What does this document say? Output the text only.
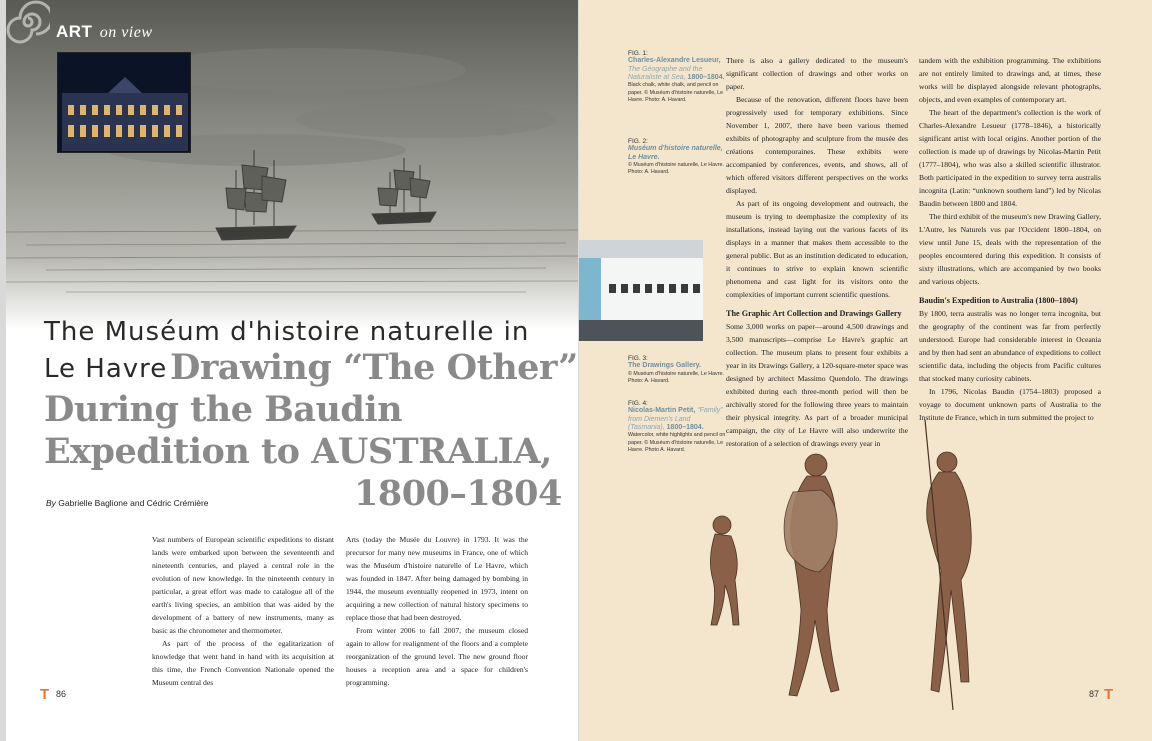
ART on view
The Muséum d'histoire naturelle in
Le Havre Drawing “The Other”
During the Baudin
Expedition to AUSTRALIA,
1800–1804
By Gabrielle Baglione and Cédric Crémière

Vast numbers of European scientific expeditions to distant lands were embarked upon between the seventeenth and nineteenth centuries, and played a central role in the evolution of new knowledge. In the nineteenth century in particular, a great effort was made to catalogue all of the earth's living species, an ambition that was aided by the development of a battery of new instruments, many as basic as the chronometer and thermometer.

As part of the process of the egalitarization of knowledge that went hand in hand with its acquisition at this time, the French Convention Nationale opened the Museum central des

Arts (today the Musée du Louvre) in 1793. It was the precursor for many new museums in France, one of which was the Muséum d'histoire naturelle of Le Havre, which was founded in 1847. After being damaged by bombing in 1944, the museum eventually reopened in 1973, intent on acquiring a new collection of natural history specimens to replace those that had been destroyed.

From winter 2006 to fall 2007, the museum closed again to allow for realignment of the floors and a complete reorganization of the ground level. The new ground floor houses a reception area and a space for children's programming.

T 86
FIG. 1:
Charles-Alexandre Lesueur, The Géographe and the Naturaliste at Sea, 1800–1804.
Black chalk, white chalk, and pencil on paper. © Muséum d'histoire naturelle, Le Havre. Photo: A. Havard.
FIG. 2:
Muséum d'histoire naturelle, Le Havre.
© Muséum d'histoire naturelle, Le Havre. Photo: A. Havard.
FIG. 3:
The Drawings Gallery.
© Muséum d'histoire naturelle, Le Havre. Photo: A. Havard.
FIG. 4:
Nicolas-Martin Petit, “Family” from Diemen's Land (Tasmania), 1800–1804.
Watercolor, white highlights and pencil on paper. © Muséum d'histoire naturelle, Le Havre. Photo A. Havard.

There is also a gallery dedicated to the museum's significant collection of drawings and other works on paper.

Because of the renovation, different floors have been progressively used for temporary exhibitions. Since November 1, 2007, there have been various themed exhibits of photography and sculpture from the musée des créations contemporaines. These exhibits were accompanied by conferences, events, and shows, all of which offered visitors different perspectives on the works displayed.

As part of its ongoing development and outreach, the museum is trying to deemphasize the complexity of its installations, instead laying out the various facets of its displays in a manner that makes them accessible to the general public. But as an institution dedicated to education, it continues to strive to explain known scientific phenomena and cast light for its visitors onto the complexities of important current scientific questions.

The Graphic Art Collection and Drawings Gallery

Some 3,000 works on paper—around 4,500 drawings and 3,500 manuscripts—comprise Le Havre's graphic art collection. The museum plans to present four exhibits a year in its Drawings Gallery, a 120-square-meter space was designed by architect Massimo Quendolo. The drawings exhibited during each three-month period will then be archivally stored for the following three years to maintain their physical integrity. As part of a broader municipal campaign, the city of Le Havre will also underwrite the restoration of a selection of drawings every year in

tandem with the exhibition programming. The exhibitions are not entirely limited to drawings and, at times, these works will be displayed alongside relevant photographs, objects, and even examples of contemporary art.

The heart of the department's collection is the work of Charles-Alexandre Lesueur (1778–1846), a historically significant artist with local origins. Another portion of the collection is made up of drawings by Nicolas-Martin Petit (1777–1804), who was also a skilled scientific illustrator. Both participated in the expedition to survey terra australis incognita (Latin: “unknown southern land”) led by Nicolas Baudin between 1800 and 1804.

The third exhibit of the museum's new Drawing Gallery, L'Autre, les Naturels vus par l'Occident 1800–1804, on view until June 15, deals with the representation of the peoples encountered during this expedition. It consists of sixty illustrations, which are accompanied by two books and various objects.

Baudin's Expedition to Australia (1800–1804)

By 1800, terra australis was no longer terra incognita, but the geography of the continent was far from perfectly understood. Europe had considerable interest in Oceania and by then had sent an abundance of expeditions to collect scientific data, including the objects from Pacific cultures that stocked many curiosity cabinets.

In 1796, Nicolas Baudin (1754–1803) proposed a voyage to document unknown parts of Australia to the Institute de France, which in turn submitted the project to

87 T
